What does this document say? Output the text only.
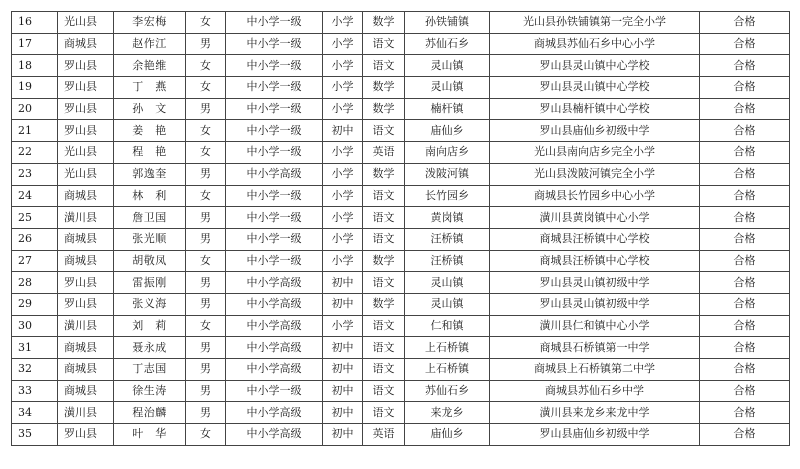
16	光山县	李宏梅	女	中小学一级	小学	数学	孙铁铺镇	光山县孙铁铺镇第一完全小学	合格
17	商城县	赵作江	男	中小学一级	小学	语文	苏仙石乡	商城县苏仙石乡中心小学	合格
18	罗山县	余艳维	女	中小学一级	小学	语文	灵山镇	罗山县灵山镇中心学校	合格
19	罗山县	丁　燕	女	中小学一级	小学	数学	灵山镇	罗山县灵山镇中心学校	合格
20	罗山县	孙　文	男	中小学一级	小学	数学	楠杆镇	罗山县楠杆镇中心学校	合格
21	罗山县	姜　艳	女	中小学一级	初中	语文	庙仙乡	罗山县庙仙乡初级中学	合格
22	光山县	程　艳	女	中小学一级	小学	英语	南向店乡	光山县南向店乡完全小学	合格
23	光山县	郭逸奎	男	中小学高级	小学	数学	泼陂河镇	光山县泼陂河镇完全小学	合格
24	商城县	林　利	女	中小学一级	小学	语文	长竹园乡	商城县长竹园乡中心小学	合格
25	潢川县	詹卫国	男	中小学一级	小学	语文	黄岗镇	潢川县黄岗镇中心小学	合格
26	商城县	张光顺	男	中小学一级	小学	语文	汪桥镇	商城县汪桥镇中心学校	合格
27	商城县	胡敬凤	女	中小学一级	小学	数学	汪桥镇	商城县汪桥镇中心学校	合格
28	罗山县	雷振刚	男	中小学高级	初中	语文	灵山镇	罗山县灵山镇初级中学	合格
29	罗山县	张义海	男	中小学高级	初中	数学	灵山镇	罗山县灵山镇初级中学	合格
30	潢川县	刘　莉	女	中小学高级	小学	语文	仁和镇	潢川县仁和镇中心小学	合格
31	商城县	聂永成	男	中小学高级	初中	语文	上石桥镇	商城县石桥镇第一中学	合格
32	商城县	丁志国	男	中小学高级	初中	语文	上石桥镇	商城县上石桥镇第二中学	合格
33	商城县	徐生涛	男	中小学一级	初中	语文	苏仙石乡	商城县苏仙石乡中学	合格
34	潢川县	程治麟	男	中小学高级	初中	语文	来龙乡	潢川县来龙乡来龙中学	合格
35	罗山县	叶　华	女	中小学高级	初中	英语	庙仙乡	罗山县庙仙乡初级中学	合格
